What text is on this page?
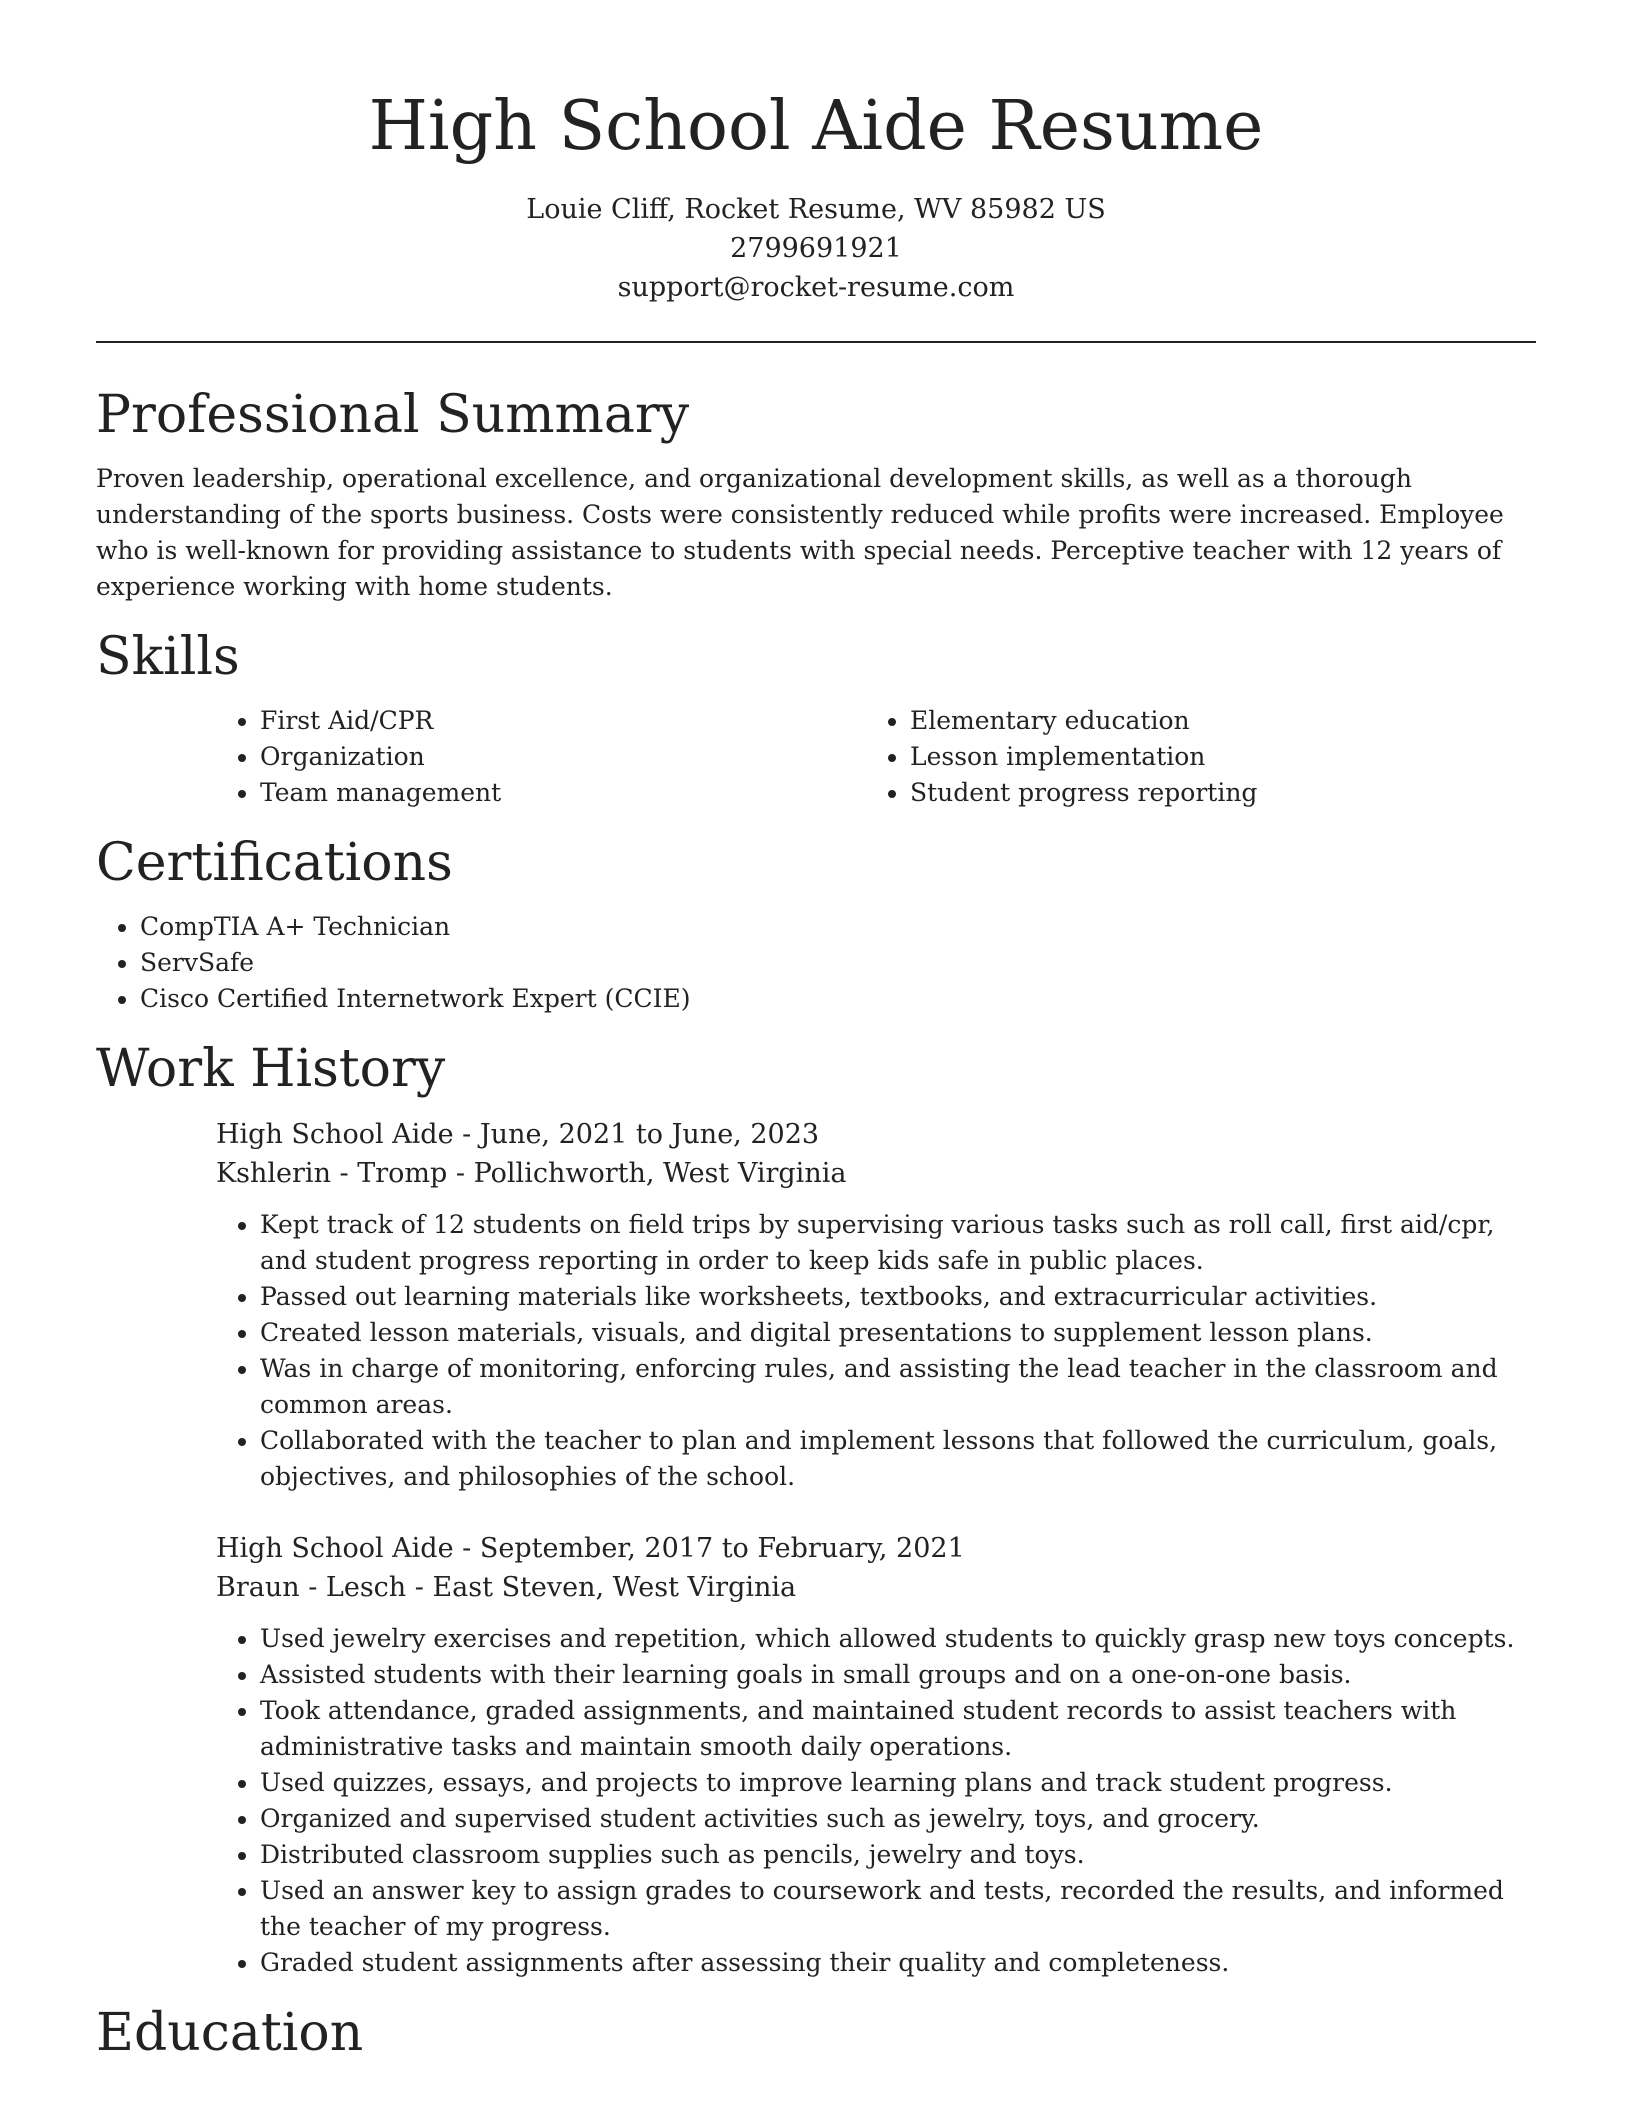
High School Aide Resume

Louie Cliff, Rocket Resume, WV 85982 US

2799691921

support@rocket-resume.com

Professional Summary

Proven leadership, operational excellence, and organizational development skills, as well as a thorough understanding of the sports business. Costs were consistently reduced while profits were increased. Employee who is well-known for providing assistance to students with special needs. Perceptive teacher with 12 years of experience working with home students.

Skills
• First Aid/CPR
• Organization
• Team management
• Elementary education
• Lesson implementation
• Student progress reporting
Certifications
• CompTIA A+ Technician
• ServSafe
• Cisco Certified Internetwork Expert (CCIE)
Work History

High School Aide - June, 2021 to June, 2023

Kshlerin - Tromp - Pollichworth, West Virginia

• Kept track of 12 students on field trips by supervising various tasks such as roll call, first aid/cpr, and student progress reporting in order to keep kids safe in public places.
• Passed out learning materials like worksheets, textbooks, and extracurricular activities.
• Created lesson materials, visuals, and digital presentations to supplement lesson plans.
• Was in charge of monitoring, enforcing rules, and assisting the lead teacher in the classroom and common areas.
• Collaborated with the teacher to plan and implement lessons that followed the curriculum, goals, objectives, and philosophies of the school.

High School Aide - September, 2017 to February, 2021

Braun - Lesch - East Steven, West Virginia

• Used jewelry exercises and repetition, which allowed students to quickly grasp new toys concepts.
• Assisted students with their learning goals in small groups and on a one-on-one basis.
• Took attendance, graded assignments, and maintained student records to assist teachers with administrative tasks and maintain smooth daily operations.
• Used quizzes, essays, and projects to improve learning plans and track student progress.
• Organized and supervised student activities such as jewelry, toys, and grocery.
• Distributed classroom supplies such as pencils, jewelry and toys.
• Used an answer key to assign grades to coursework and tests, recorded the results, and informed the teacher of my progress.
• Graded student assignments after assessing their quality and completeness.
Education
